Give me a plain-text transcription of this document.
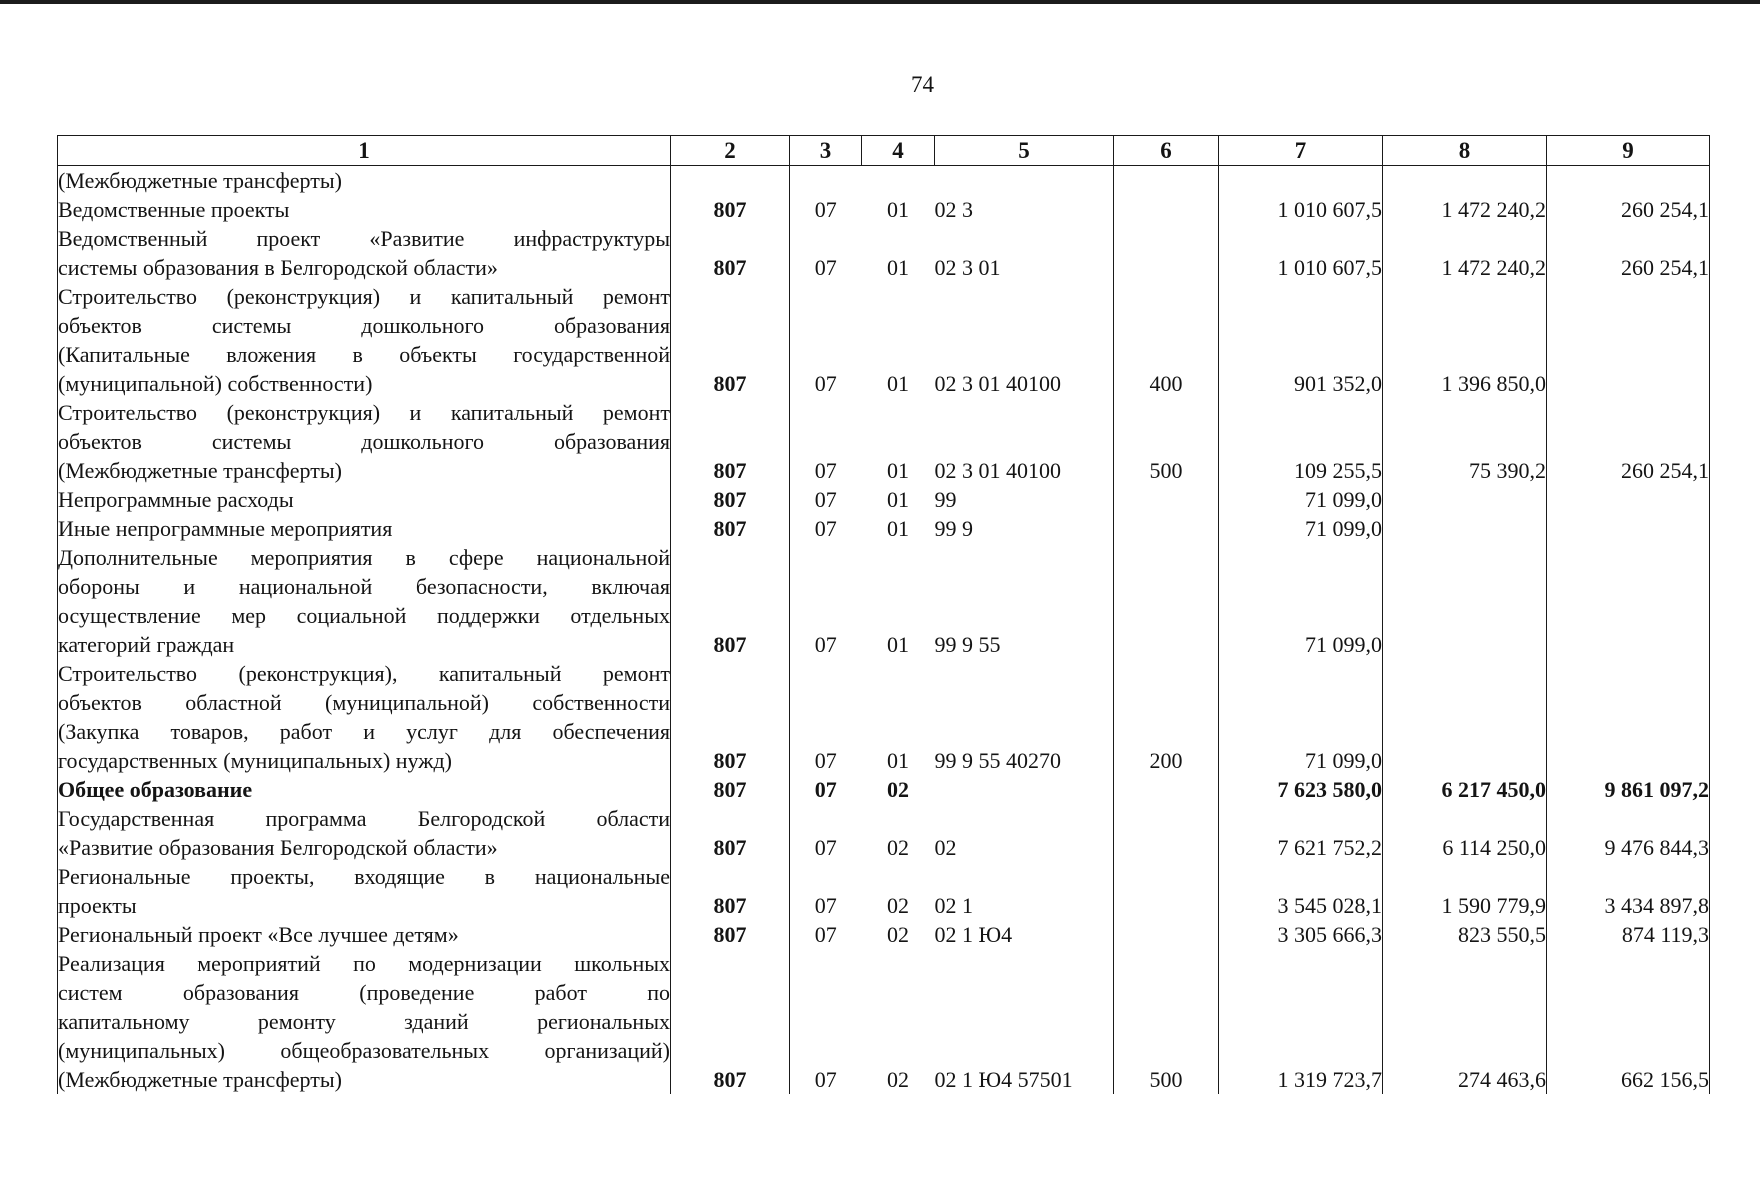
74
1	2	3	4	5	6	7	8	9

(Межбюджетные трансферты)								

Ведомственные проекты	807	07	01	02 3		1 010 607,5	1 472 240,2	260 254,1

Ведомственный проект «Развитие инфраструктуры
системы образования в Белгородской области»	807	07	01	02 3 01		1 010 607,5	1 472 240,2	260 254,1

Строительство (реконструкция) и капитальный ремонт
объектов системы дошкольного образования
(Капитальные вложения в объекты государственной
(муниципальной) собственности)	807	07	01	02 3 01 40100	400	901 352,0	1 396 850,0	

Строительство (реконструкция) и капитальный ремонт
объектов системы дошкольного образования
(Межбюджетные трансферты)	807	07	01	02 3 01 40100	500	109 255,5	75 390,2	260 254,1

Непрограммные расходы	807	07	01	99		71 099,0		

Иные непрограммные мероприятия	807	07	01	99 9		71 099,0		

Дополнительные мероприятия в сфере национальной
обороны и национальной безопасности, включая
осуществление мер социальной поддержки отдельных
категорий граждан	807	07	01	99 9 55		71 099,0		

Строительство (реконструкция), капитальный ремонт
объектов областной (муниципальной) собственности
(Закупка товаров, работ и услуг для обеспечения
государственных (муниципальных) нужд)	807	07	01	99 9 55 40270	200	71 099,0		

Общее образование	807	07	02			7 623 580,0	6 217 450,0	9 861 097,2

Государственная программа Белгородской области
«Развитие образования Белгородской области»	807	07	02	02		7 621 752,2	6 114 250,0	9 476 844,3

Региональные проекты, входящие в национальные
проекты	807	07	02	02 1		3 545 028,1	1 590 779,9	3 434 897,8

Региональный проект «Все лучшее детям»	807	07	02	02 1 Ю4		3 305 666,3	823 550,5	874 119,3

Реализация мероприятий по модернизации школьных
систем образования (проведение работ по
капитальному ремонту зданий региональных
(муниципальных) общеобразовательных организаций)
(Межбюджетные трансферты)	807	07	02	02 1 Ю4 57501	500	1 319 723,7	274 463,6	662 156,5
